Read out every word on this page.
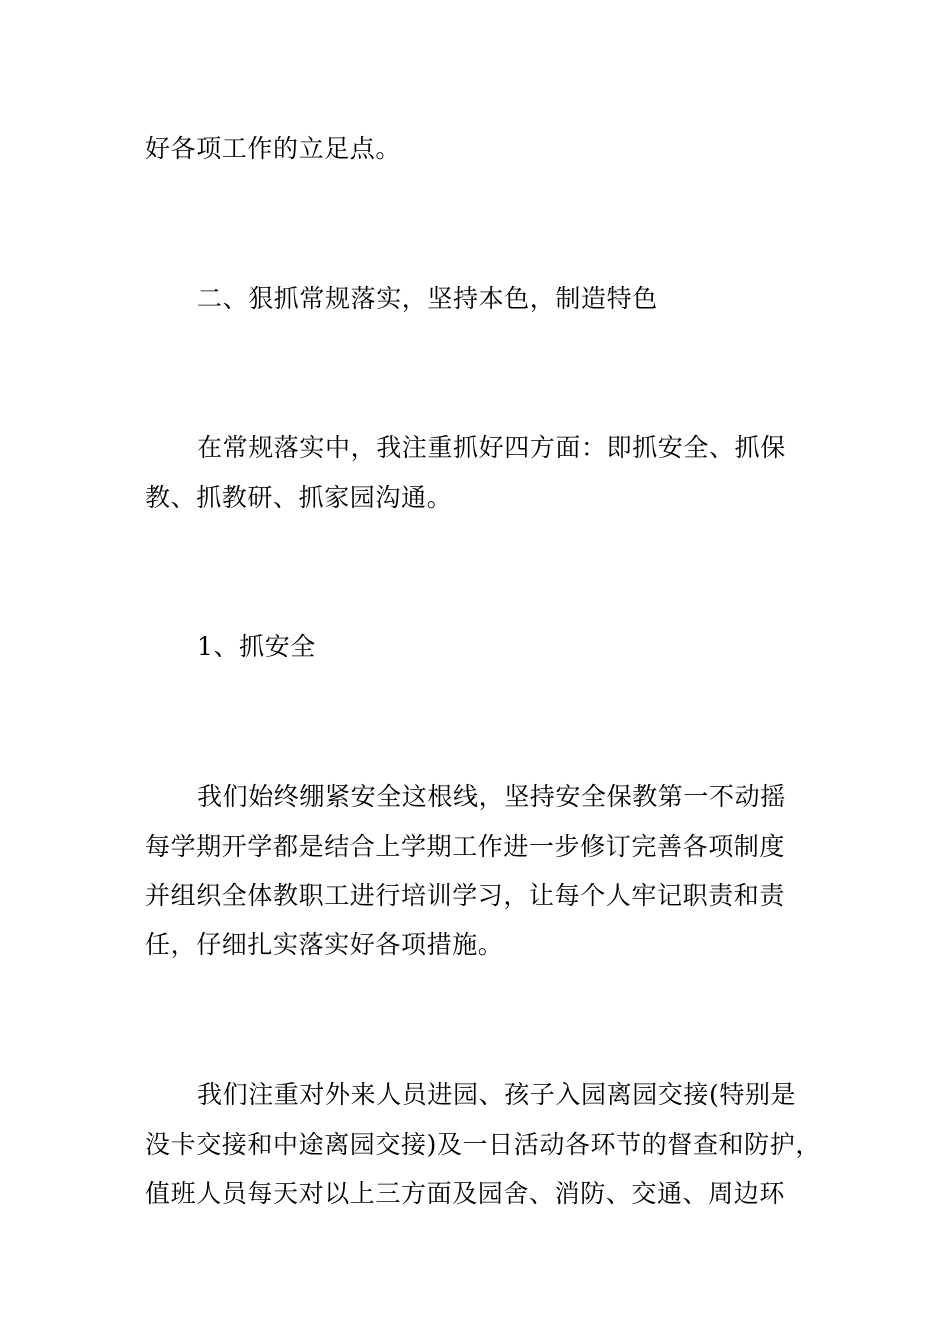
好各项工作的立足点。
二、狠抓常规落实，坚持本色，制造特色
在常规落实中，我注重抓好四方面：即抓安全、抓保
教、抓教研、抓家园沟通。
1、抓安全
我们始终绷紧安全这根线，坚持安全保教第一不动摇
每学期开学都是结合上学期工作进一步修订完善各项制度
并组织全体教职工进行培训学习，让每个人牢记职责和责
任，仔细扎实落实好各项措施。
我们注重对外来人员进园、孩子入园离园交接(特别是
没卡交接和中途离园交接)及一日活动各环节的督查和防护，
值班人员每天对以上三方面及园舍、消防、交通、周边环
